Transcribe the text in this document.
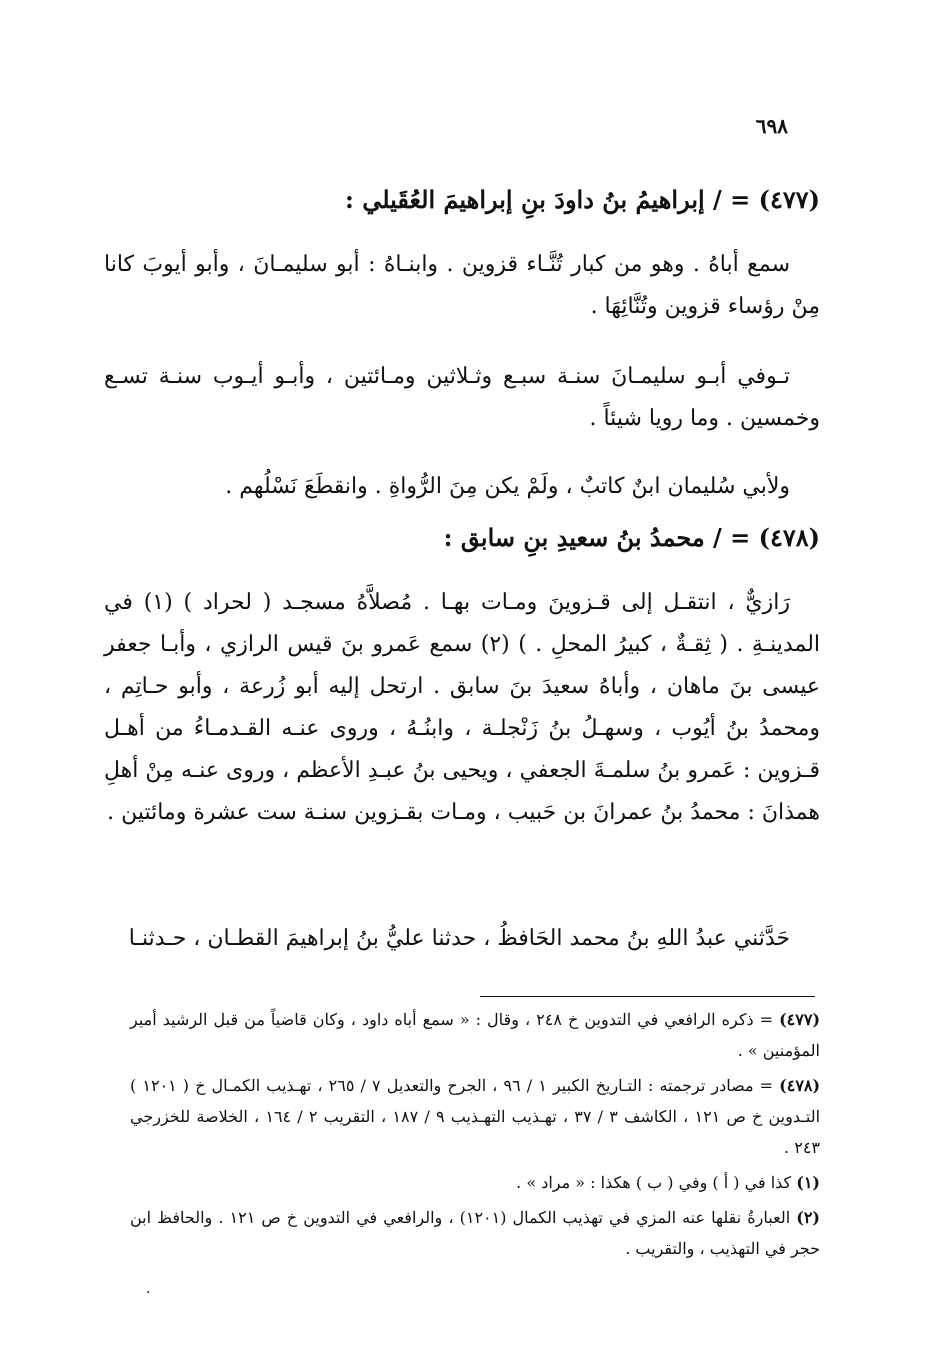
٦٩٨

(٤٧٧) = / إبراهيمُ بنُ داودَ بنِ إبراهيمَ العُقَيلي :

سمع أباهُ . وهو من كبار تُنَّـاء قزوين . وابنـاهُ : أبو سليمـانَ ، وأبو أيوبَ كانا مِنْ رؤساء قزوين وتُنَّائِهَا .

تـوفي أبـو سليمـانَ سنـة سبـع وثـلاثين ومـائتين ، وأبـو أيـوب سنـة تسـع وخمسين . وما رويا شيئاً .

ولأبي سُليمان ابنٌ كاتبٌ ، ولَمْ يكن مِنَ الرُّواةِ . وانقطَعَ نَسْلُهم .

(٤٧٨) = / محمدُ بنُ سعيدِ بنِ سابق :

رَازيٌّ ، انتقـل إلى قـزوينَ ومـات بهـا . مُصلاَّهُ مسجـد ( لحراد ) (١) في المدينـةِ . ( ثِقـةٌ ، كبيرُ المحلِ . ) (٢) سمع عَمرو بنَ قيس الرازي ، وأبـا جعفر عيسى بنَ ماهان ، وأباهُ سعيدَ بنَ سابق . ارتحل إليه أبو زُرعة ، وأبو حـاتِم ، ومحمدُ بنُ أيُوب ، وسهـلُ بنُ زَنْجلـة ، وابنُـهُ ، وروى عنـه القـدمـاءُ من أهـل قـزوين : عَمرو بنُ سلمـةَ الجعفي ، ويحيى بنُ عبـدِ الأعظم ، وروى عنـه مِنْ أهلِ همذانَ : محمدُ بنُ عمرانَ بن حَبيب ، ومـات بقـزوين سنـة ست عشرة ومائتين .

حَدَّثني عبدُ اللهِ بنُ محمد الحَافظُ ، حدثنا عليُّ بنُ إبراهيمَ القطـان ، حـدثنـا

(٤٧٧) = ذكره الرافعي في التدوين خ ٢٤٨ ، وقال : « سمع أباه داود ، وكان قاضياً من قبل الرشيد أمير المؤمنين » .

(٤٧٨) = مصادر ترجمته : التـاريخ الكبير ١ / ٩٦ ، الجرح والتعديل ٧ / ٢٦٥ ، تهـذيب الكمـال خ ( ١٢٠١ ) التـدوين خ ص ١٢١ ، الكاشف ٣ / ٣٧ ، تهـذيب التهـذيب ٩ / ١٨٧ ، التقريب ٢ / ١٦٤ ، الخلاصة للخزرجي ٢٤٣ .

(١) كذا في ( أ ) وفي ( ب ) هكذا : « مراد » .

(٢) العبارةُ نقلها عنه المزي في تهذيب الكمال (١٢٠١) ، والرافعي في التدوين خ ص ١٢١ . والحافظ ابن حجر في التهذيب ، والتقريب .

·
